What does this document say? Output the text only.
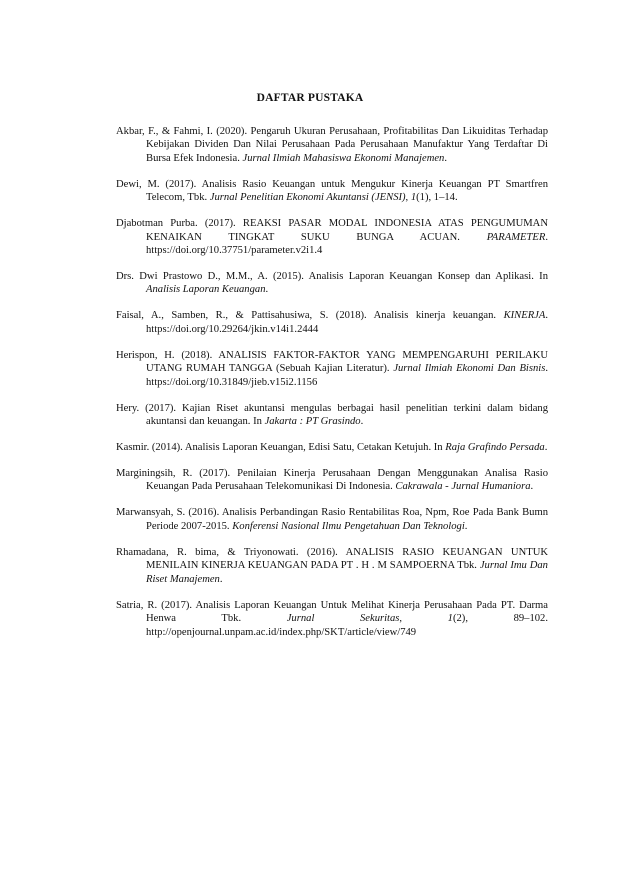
DAFTAR PUSTAKA

Akbar, F., & Fahmi, I. (2020). Pengaruh Ukuran Perusahaan, Profitabilitas Dan Likuiditas Terhadap Kebijakan Dividen Dan Nilai Perusahaan Pada Perusahaan Manufaktur Yang Terdaftar Di Bursa Efek Indonesia. Jurnal Ilmiah Mahasiswa Ekonomi Manajemen.

Dewi, M. (2017). Analisis Rasio Keuangan untuk Mengukur Kinerja Keuangan PT Smartfren Telecom, Tbk. Jurnal Penelitian Ekonomi Akuntansi (JENSI), 1(1), 1–14.

Djabotman Purba. (2017). REAKSI PASAR MODAL INDONESIA ATAS PENGUMUMAN KENAIKAN TINGKAT SUKU BUNGA ACUAN. PARAMETER. https://doi.org/10.37751/parameter.v2i1.4

Drs. Dwi Prastowo D., M.M., A. (2015). Analisis Laporan Keuangan Konsep dan Aplikasi. In Analisis Laporan Keuangan.

Faisal, A., Samben, R., & Pattisahusiwa, S. (2018). Analisis kinerja keuangan. KINERJA. https://doi.org/10.29264/jkin.v14i1.2444

Herispon, H. (2018). ANALISIS FAKTOR-FAKTOR YANG MEMPENGARUHI PERILAKU UTANG RUMAH TANGGA (Sebuah Kajian Literatur). Jurnal Ilmiah Ekonomi Dan Bisnis. https://doi.org/10.31849/jieb.v15i2.1156

Hery. (2017). Kajian Riset akuntansi mengulas berbagai hasil penelitian terkini dalam bidang akuntansi dan keuangan. In Jakarta : PT Grasindo.

Kasmir. (2014). Analisis Laporan Keuangan, Edisi Satu, Cetakan Ketujuh. In Raja Grafindo Persada.

Marginingsih, R. (2017). Penilaian Kinerja Perusahaan Dengan Menggunakan Analisa Rasio Keuangan Pada Perusahaan Telekomunikasi Di Indonesia. Cakrawala - Jurnal Humaniora.

Marwansyah, S. (2016). Analisis Perbandingan Rasio Rentabilitas Roa, Npm, Roe Pada Bank Bumn Periode 2007-2015. Konferensi Nasional Ilmu Pengetahuan Dan Teknologi.

Rhamadana, R. bima, & Triyonowati. (2016). ANALISIS RASIO KEUANGAN UNTUK MENILAIN KINERJA KEUANGAN PADA PT . H . M SAMPOERNA Tbk. Jurnal Imu Dan Riset Manajemen.

Satria, R. (2017). Analisis Laporan Keuangan Untuk Melihat Kinerja Perusahaan Pada PT. Darma Henwa Tbk. Jurnal Sekuritas, 1(2), 89–102. http://openjournal.unpam.ac.id/index.php/SKT/article/view/749
